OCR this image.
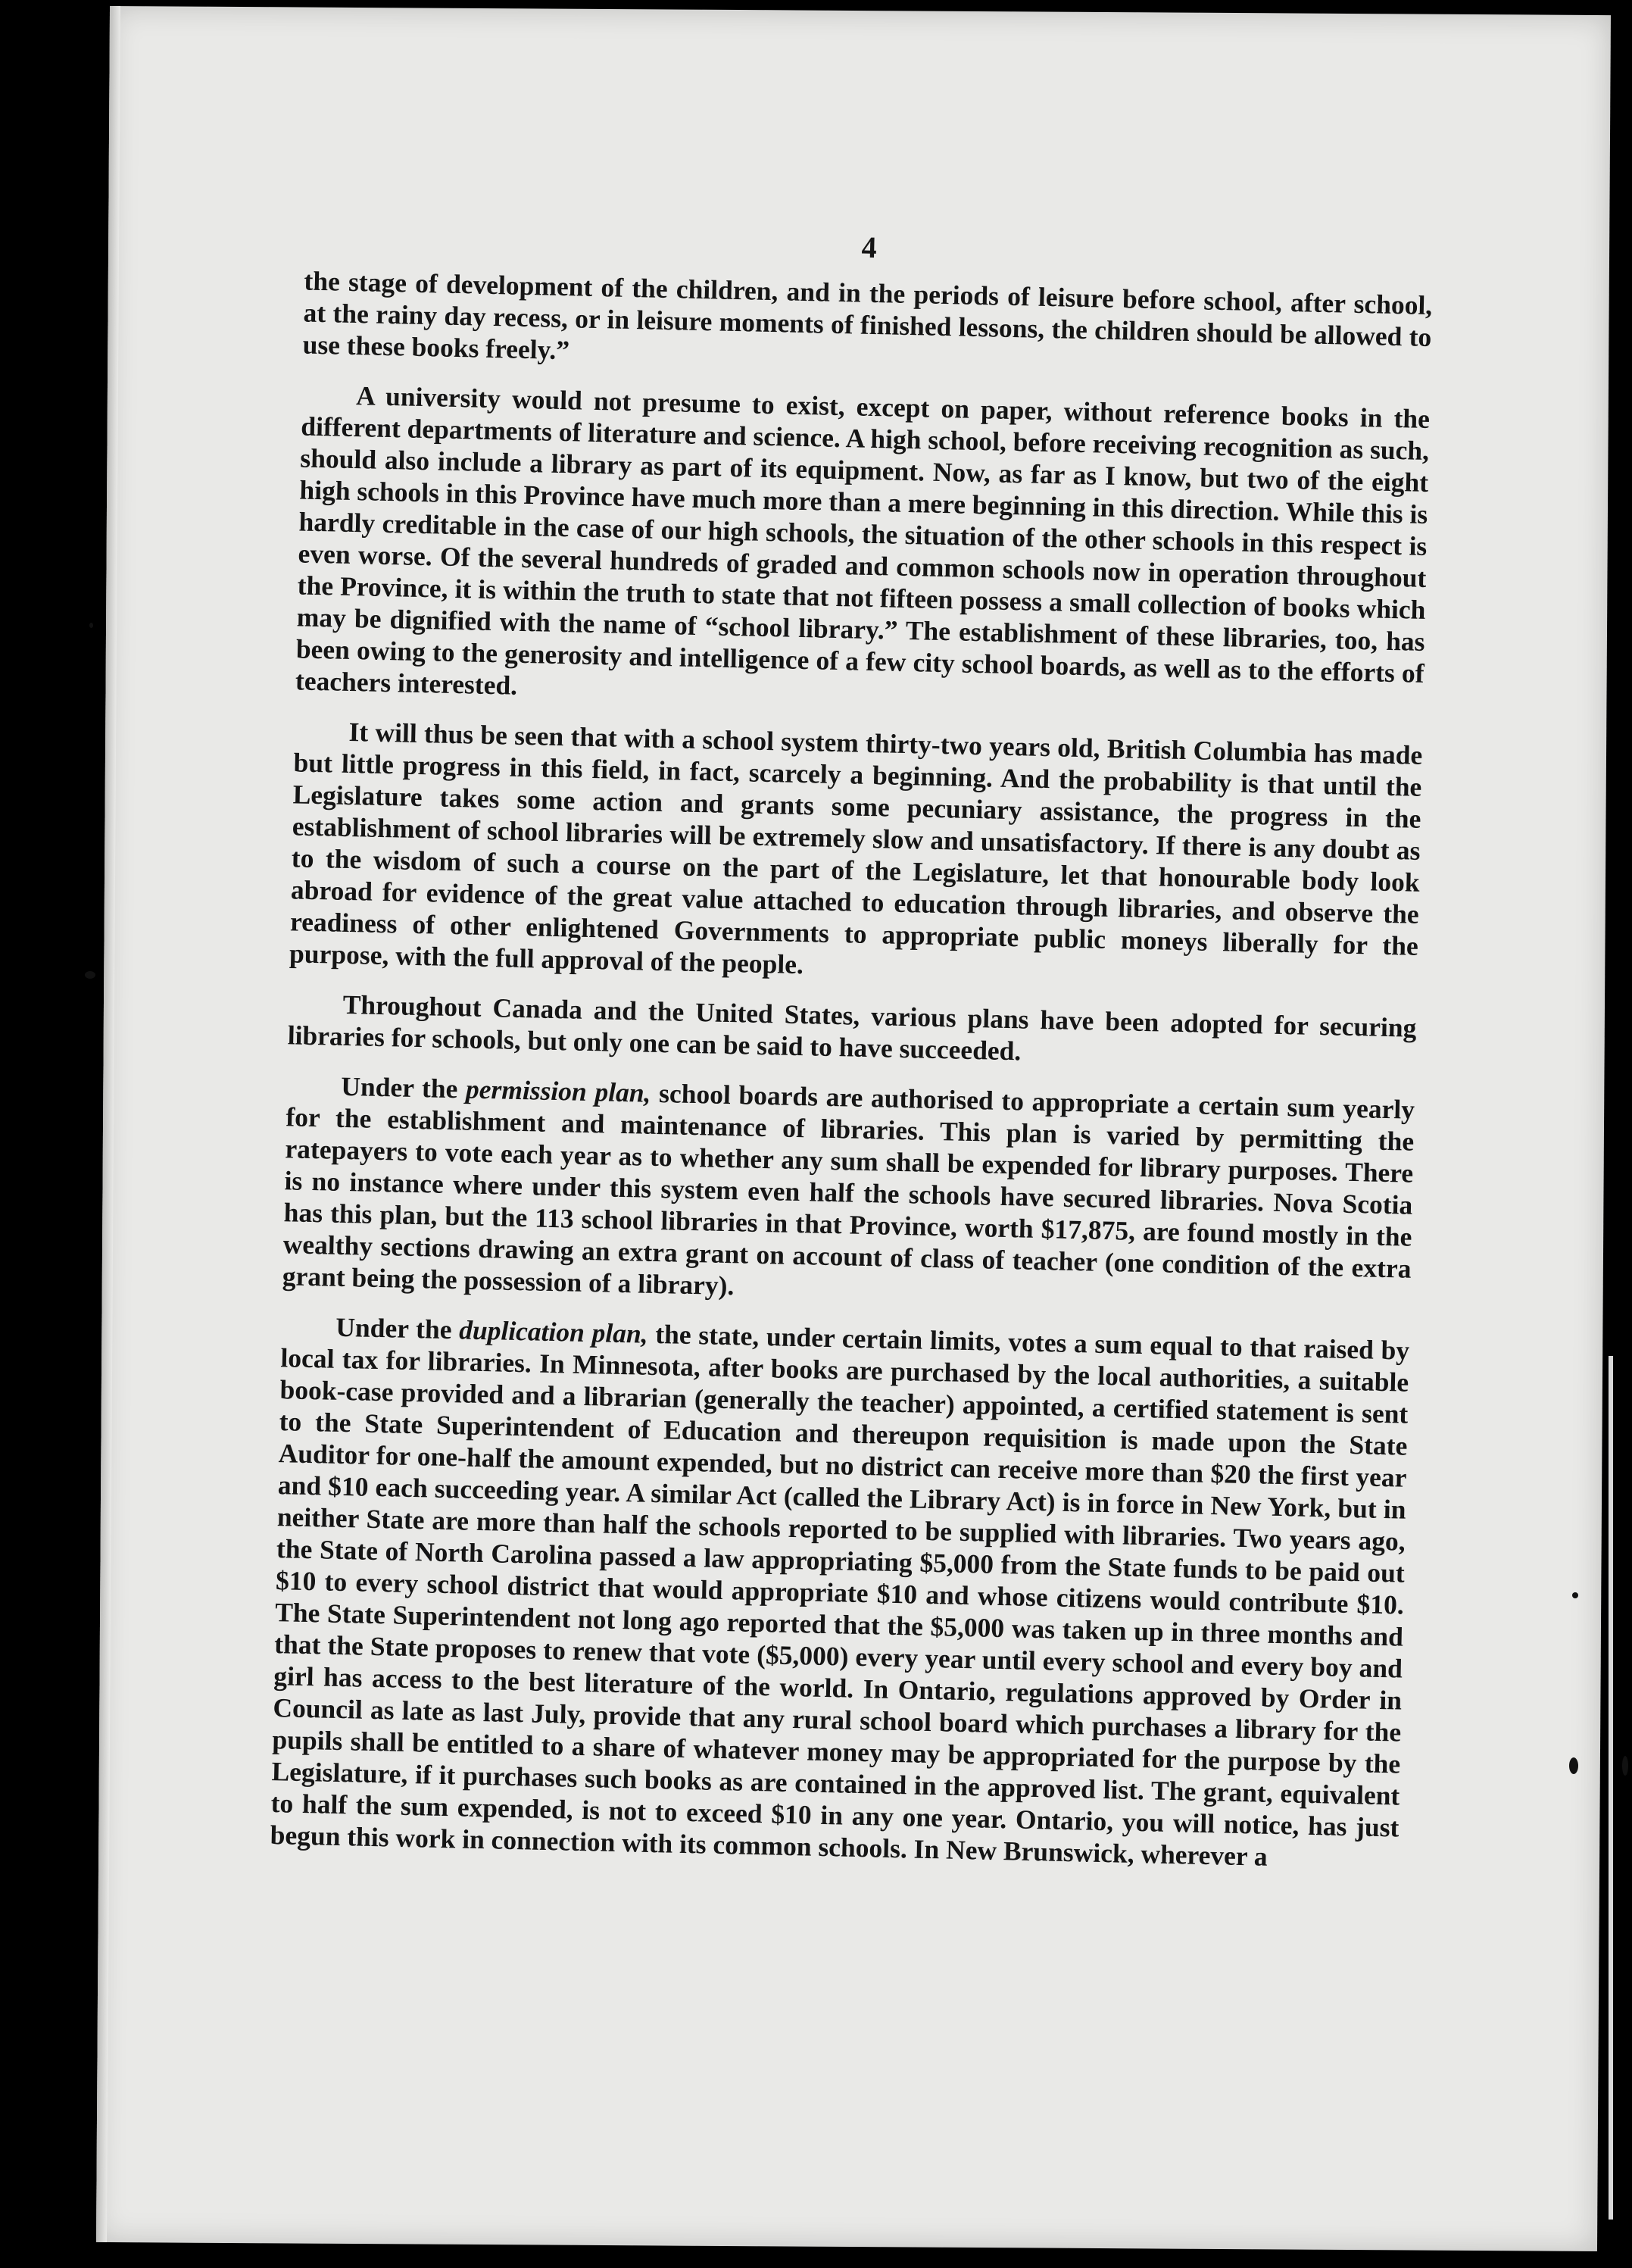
4

the stage of development of the children, and in the periods of leisure before school, after school, at the rainy day recess, or in leisure moments of finished lessons, the children should be allowed to use these books freely.”

A university would not presume to exist, except on paper, without reference books in the different departments of literature and science. A high school, before receiving recognition as such, should also include a library as part of its equipment. Now, as far as I know, but two of the eight high schools in this Province have much more than a mere beginning in this direction. While this is hardly creditable in the case of our high schools, the situation of the other schools in this respect is even worse. Of the several hundreds of graded and common schools now in operation throughout the Province, it is within the truth to state that not fifteen possess a small collection of books which may be dignified with the name of “school library.” The establishment of these libraries, too, has been owing to the generosity and intelligence of a few city school boards, as well as to the efforts of teachers interested.

It will thus be seen that with a school system thirty-two years old, British Columbia has made but little progress in this field, in fact, scarcely a beginning. And the probability is that until the Legislature takes some action and grants some pecuniary assistance, the progress in the establishment of school libraries will be extremely slow and unsatisfactory. If there is any doubt as to the wisdom of such a course on the part of the Legislature, let that honourable body look abroad for evidence of the great value attached to education through libraries, and observe the readiness of other enlightened Governments to appropriate public moneys liberally for the purpose, with the full approval of the people.

Throughout Canada and the United States, various plans have been adopted for securing libraries for schools, but only one can be said to have succeeded.

Under the permission plan, school boards are authorised to appropriate a certain sum yearly for the establishment and maintenance of libraries. This plan is varied by permitting the ratepayers to vote each year as to whether any sum shall be expended for library purposes. There is no instance where under this system even half the schools have secured libraries. Nova Scotia has this plan, but the 113 school libraries in that Province, worth $17,875, are found mostly in the wealthy sections drawing an extra grant on account of class of teacher (one condition of the extra grant being the possession of a library).

Under the duplication plan, the state, under certain limits, votes a sum equal to that raised by local tax for libraries. In Minnesota, after books are purchased by the local authorities, a suitable book-case provided and a librarian (generally the teacher) appointed, a certified statement is sent to the State Superintendent of Education and thereupon requisition is made upon the State Auditor for one-half the amount expended, but no district can receive more than $20 the first year and $10 each succeeding year. A similar Act (called the Library Act) is in force in New York, but in neither State are more than half the schools reported to be supplied with libraries. Two years ago, the State of North Carolina passed a law appropriating $5,000 from the State funds to be paid out $10 to every school district that would appropriate $10 and whose citizens would contribute $10. The State Superintendent not long ago reported that the $5,000 was taken up in three months and that the State proposes to renew that vote ($5,000) every year until every school and every boy and girl has access to the best literature of the world. In Ontario, regulations approved by Order in Council as late as last July, provide that any rural school board which purchases a library for the pupils shall be entitled to a share of whatever money may be appropriated for the purpose by the Legislature, if it purchases such books as are contained in the approved list. The grant, equivalent to half the sum expended, is not to exceed $10 in any one year. Ontario, you will notice, has just begun this work in connection with its common schools. In New Brunswick, wherever a
